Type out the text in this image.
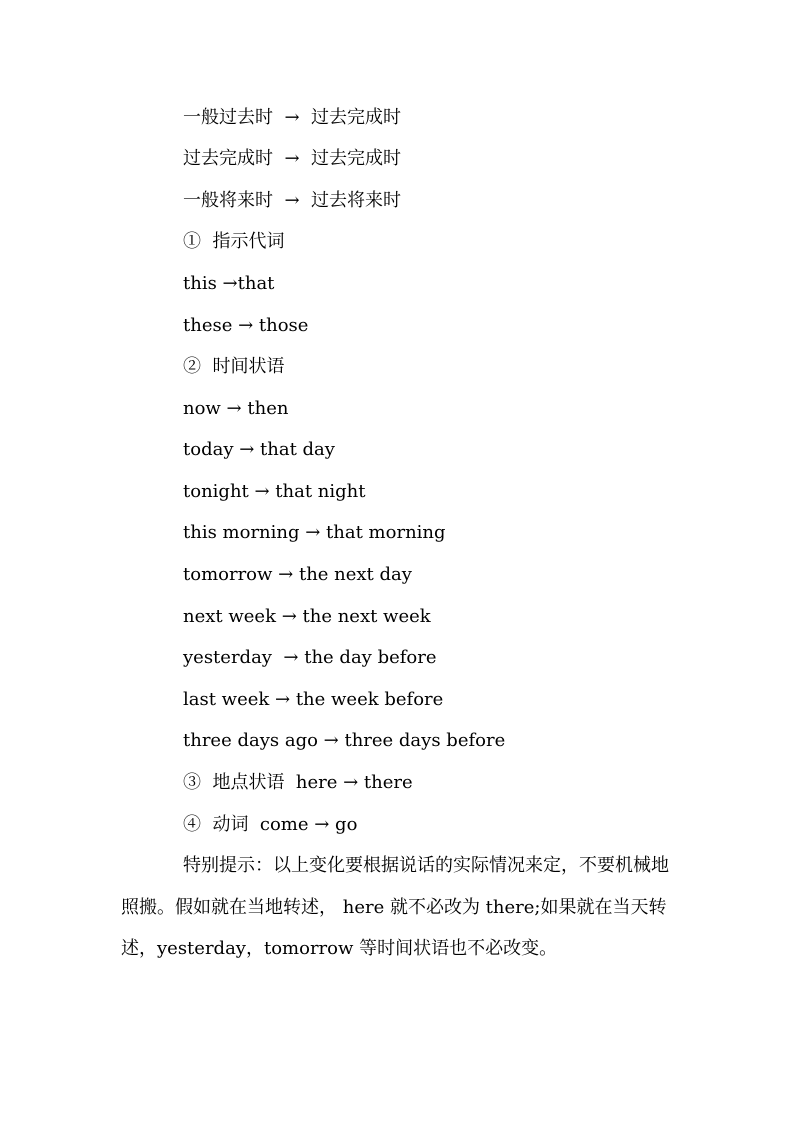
一般过去时  →  过去完成时
过去完成时  →  过去完成时
一般将来时  →  过去将来时
①  指示代词
this →that
these → those
②  时间状语
now → then
today → that day
tonight → that night
this morning → that morning
tomorrow → the next day
next week → the next week
yesterday  → the day before
last week → the week before
three days ago → three days before
③  地点状语  here → there
④  动词  come → go

特别提示：以上变化要根据说话的实际情况来定，不要机械地照搬。假如就在当地转述， here 就不必改为 there;如果就在当天转述，yesterday，tomorrow 等时间状语也不必改变。
